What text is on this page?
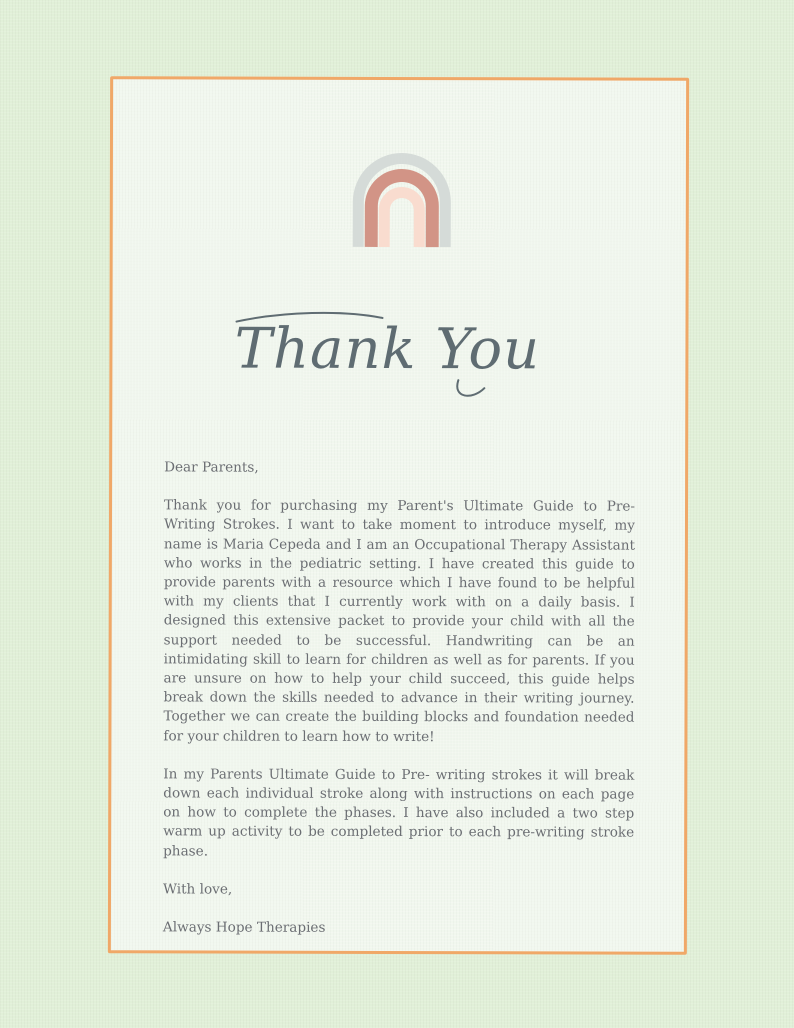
Thank You

Dear Parents,

Thank you for purchasing my Parent's Ultimate Guide to Pre-Writing Strokes. I want to take moment to introduce myself, my name is Maria Cepeda and I am an Occupational Therapy Assistant who works in the pediatric setting. I have created this guide to provide parents with a resource which I have found to be helpful with my clients that I currently work with on a daily basis. I designed this extensive packet to provide your child with all the support needed to be successful. Handwriting can be an intimidating skill to learn for children as well as for parents. If you are unsure on how to help your child succeed, this guide helps break down the skills needed to advance in their writing journey. Together we can create the building blocks and foundation needed for your children to learn how to write!

In my Parents Ultimate Guide to Pre- writing strokes it will break down each individual stroke along with instructions on each page on how to complete the phases. I have also included a two step warm up activity to be completed prior to each pre-writing stroke phase.

With love,

Always Hope Therapies
